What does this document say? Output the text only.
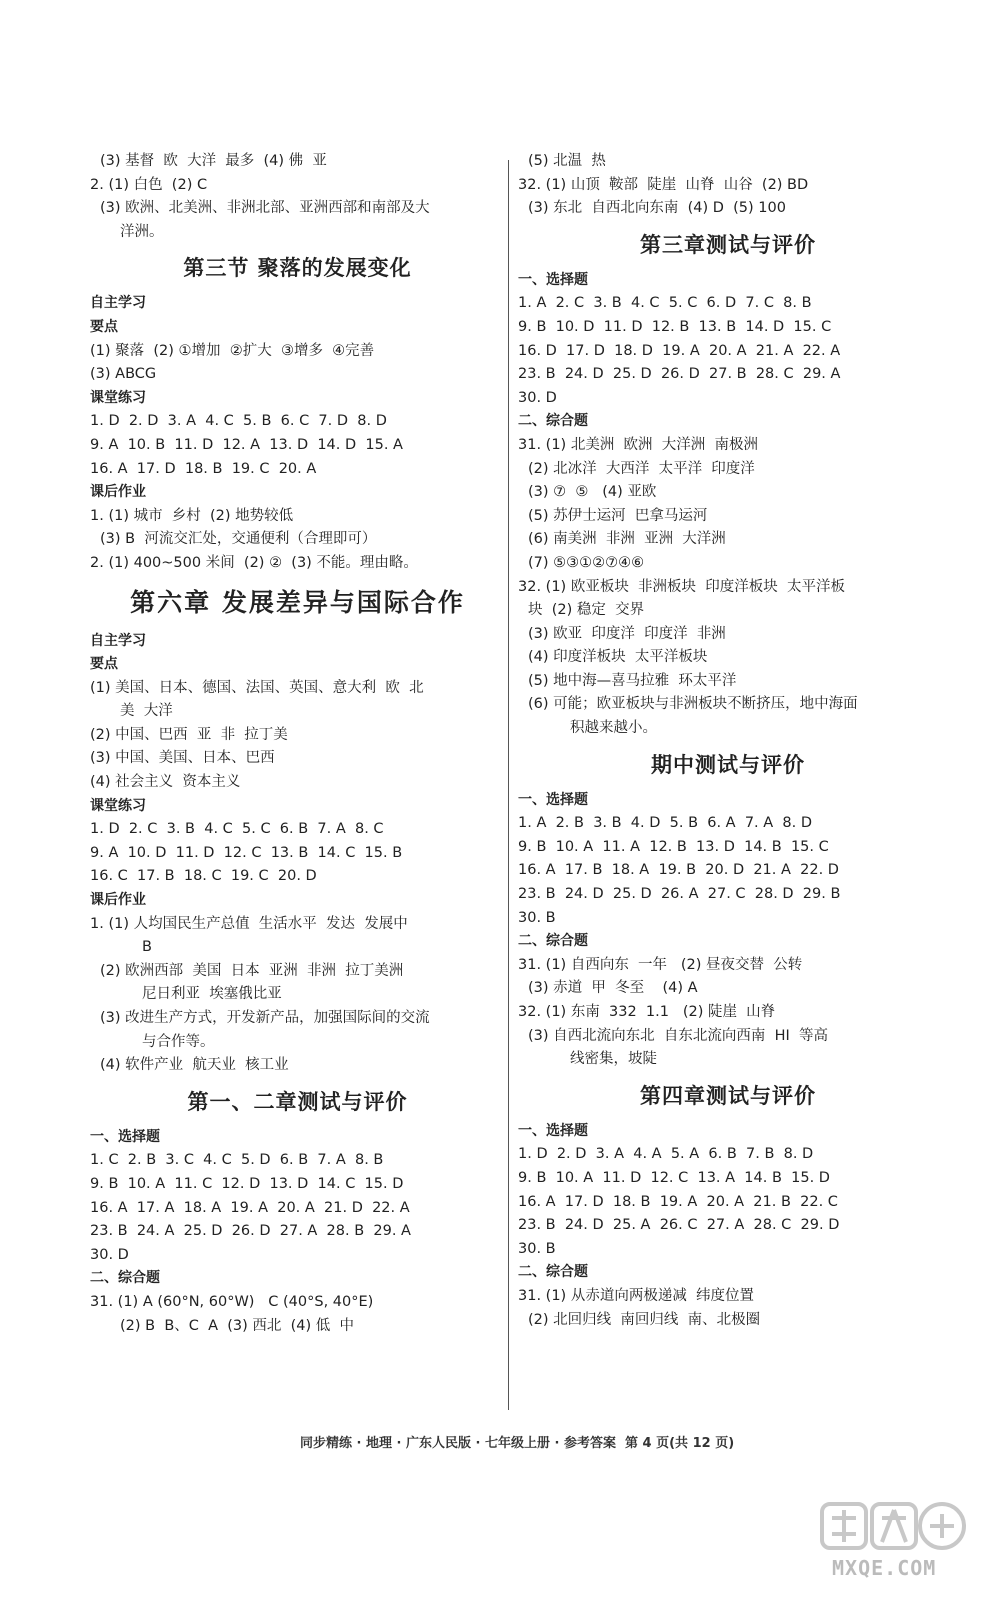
(3) 基督  欧  大洋  最多  (4) 佛  亚
2. (1) 白色  (2) C
(3) 欧洲、北美洲、非洲北部、亚洲西部和南部及大
洋洲。
第三节 聚落的发展变化
自主学习
要点
(1) 聚落  (2) ①增加  ②扩大  ③增多  ④完善
(3) ABCG
课堂练习
1. D  2. D  3. A  4. C  5. B  6. C  7. D  8. D
9. A  10. B  11. D  12. A  13. D  14. D  15. A
16. A  17. D  18. B  19. C  20. A
课后作业
1. (1) 城市  乡村  (2) 地势较低
(3) B  河流交汇处，交通便利（合理即可）
2. (1) 400~500 米间  (2) ②  (3) 不能。理由略。
第六章 发展差异与国际合作
自主学习
要点
(1) 美国、日本、德国、法国、英国、意大利  欧  北
美  大洋
(2) 中国、巴西  亚  非  拉丁美
(3) 中国、美国、日本、巴西
(4) 社会主义  资本主义
课堂练习
1. D  2. C  3. B  4. C  5. C  6. B  7. A  8. C
9. A  10. D  11. D  12. C  13. B  14. C  15. B
16. C  17. B  18. C  19. C  20. D
课后作业
1. (1) 人均国民生产总值  生活水平  发达  发展中
B
(2) 欧洲西部  美国  日本  亚洲  非洲  拉丁美洲
尼日利亚  埃塞俄比亚
(3) 改进生产方式，开发新产品，加强国际间的交流
与合作等。
(4) 软件产业  航天业  核工业
第一、二章测试与评价
一、选择题
1. C  2. B  3. C  4. C  5. D  6. B  7. A  8. B
9. B  10. A  11. C  12. D  13. D  14. C  15. D
16. A  17. A  18. A  19. A  20. A  21. D  22. A
23. B  24. A  25. D  26. D  27. A  28. B  29. A
30. D
二、综合题
31. (1) A (60°N, 60°W)   C (40°S, 40°E)
(2) B  B、C  A  (3) 西北  (4) 低  中
(5) 北温  热
32. (1) 山顶  鞍部  陡崖  山脊  山谷  (2) BD
(3) 东北  自西北向东南  (4) D  (5) 100
第三章测试与评价
一、选择题
1. A  2. C  3. B  4. C  5. C  6. D  7. C  8. B
9. B  10. D  11. D  12. B  13. B  14. D  15. C
16. D  17. D  18. D  19. A  20. A  21. A  22. A
23. B  24. D  25. D  26. D  27. B  28. C  29. A
30. D
二、综合题
31. (1) 北美洲  欧洲  大洋洲  南极洲
(2) 北冰洋  大西洋  太平洋  印度洋
(3) ⑦  ⑤   (4) 亚欧
(5) 苏伊士运河  巴拿马运河
(6) 南美洲  非洲  亚洲  大洋洲
(7) ⑤③①②⑦④⑥
32. (1) 欧亚板块  非洲板块  印度洋板块  太平洋板
块  (2) 稳定  交界
(3) 欧亚  印度洋  印度洋  非洲
(4) 印度洋板块  太平洋板块
(5) 地中海—喜马拉雅  环太平洋
(6) 可能；欧亚板块与非洲板块不断挤压，地中海面
积越来越小。
期中测试与评价
一、选择题
1. A  2. B  3. B  4. D  5. B  6. A  7. A  8. D
9. B  10. A  11. A  12. B  13. D  14. B  15. C
16. A  17. B  18. A  19. B  20. D  21. A  22. D
23. B  24. D  25. D  26. A  27. C  28. D  29. B
30. B
二、综合题
31. (1) 自西向东  一年   (2) 昼夜交替  公转
(3) 赤道  甲  冬至    (4) A
32. (1) 东南  332  1.1   (2) 陡崖  山脊
(3) 自西北流向东北  自东北流向西南  HI  等高
线密集，坡陡
第四章测试与评价
一、选择题
1. D  2. D  3. A  4. A  5. A  6. B  7. B  8. D
9. B  10. A  11. D  12. C  13. A  14. B  15. D
16. A  17. D  18. B  19. A  20. A  21. B  22. C
23. B  24. D  25. A  26. C  27. A  28. C  29. D
30. B
二、综合题
31. (1) 从赤道向两极递减  纬度位置
(2) 北回归线  南回归线  南、北极圈
同步精练 · 地理 · 广东人民版 · 七年级上册 · 参考答案  第 4 页(共 12 页)
MXQE.COM
